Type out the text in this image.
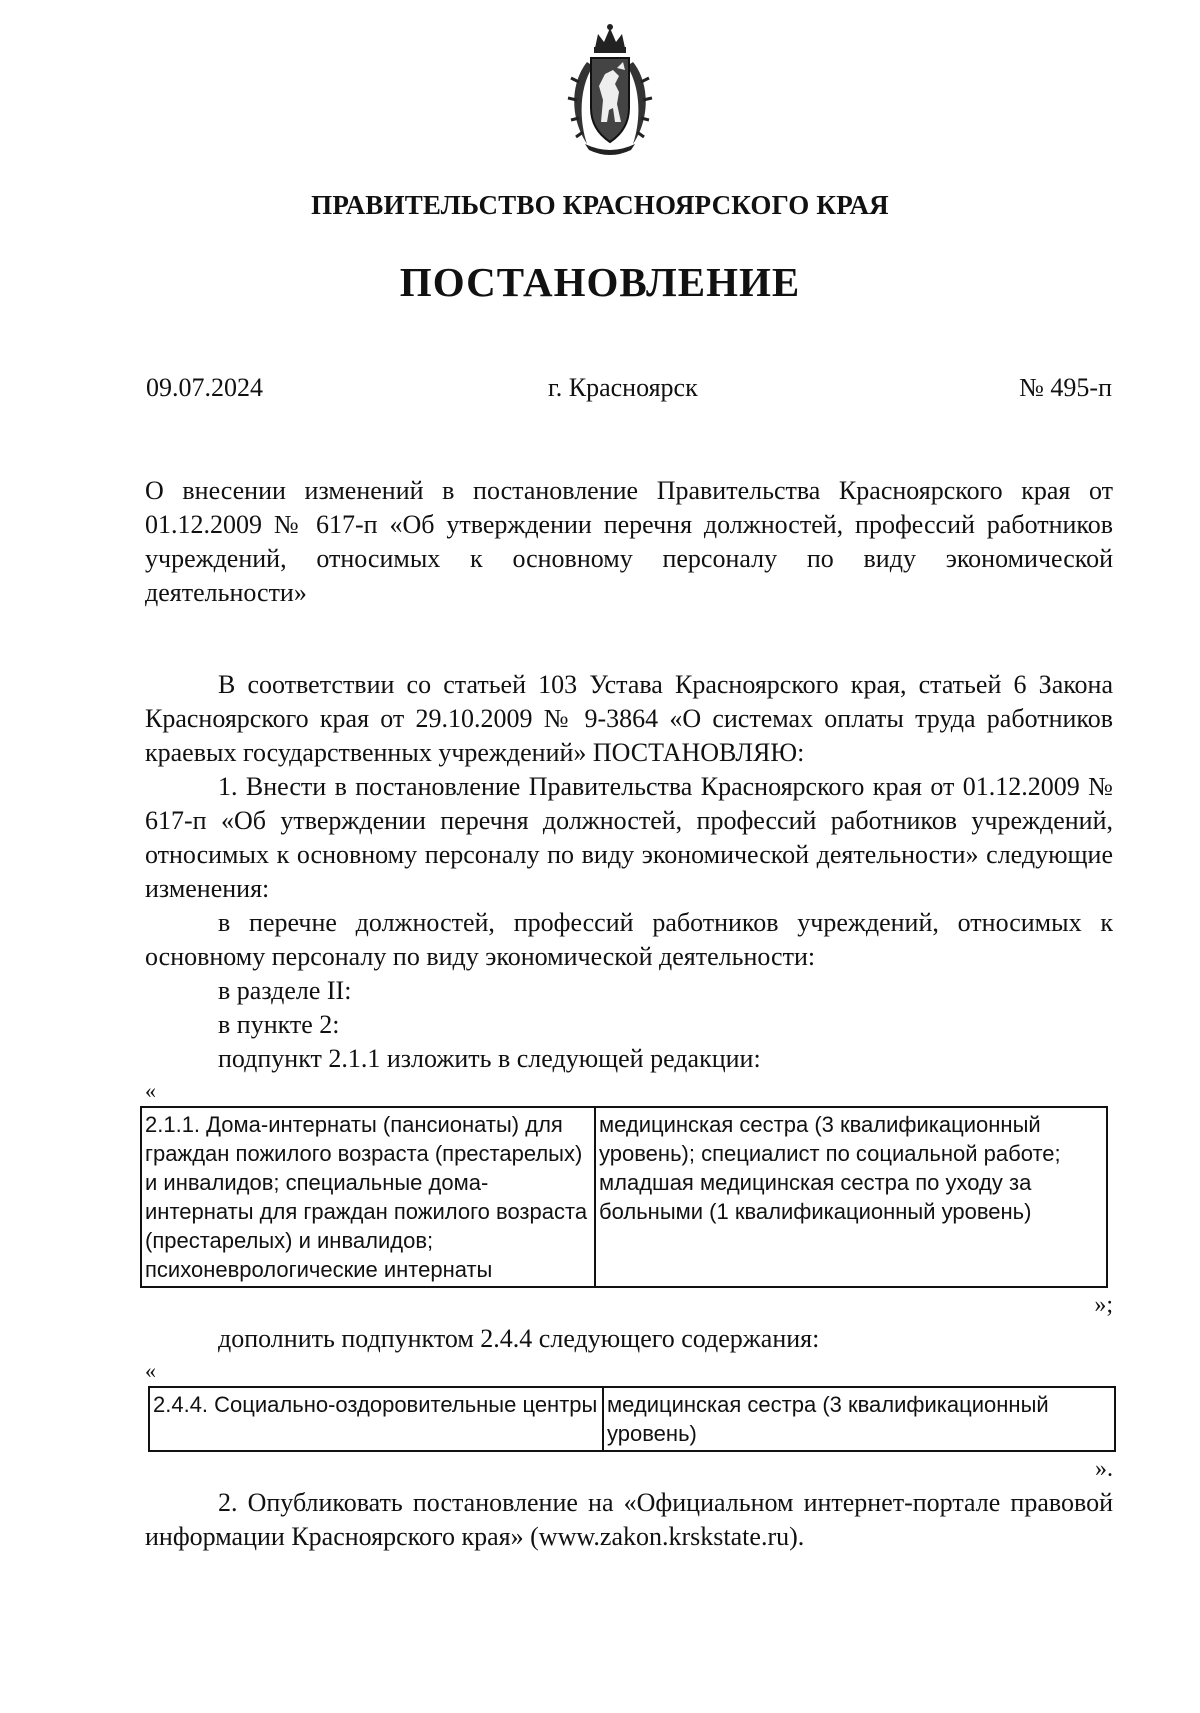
ПРАВИТЕЛЬСТВО КРАСНОЯРСКОГО КРАЯ
ПОСТАНОВЛЕНИЕ
09.07.2024	г. Красноярск	№ 495-п
О внесении изменений в постановление Правительства Красноярского края от 01.12.2009 № 617-п «Об утверждении перечня должностей, профессий работников учреждений, относимых к основному персоналу по виду экономической деятельности»

В соответствии со статьей 103 Устава Красноярского края, статьей 6 Закона Красноярского края от 29.10.2009 № 9-3864 «О системах оплаты труда работников краевых государственных учреждений» ПОСТАНОВЛЯЮ:

1. Внести в постановление Правительства Красноярского края от 01.12.2009 № 617-п «Об утверждении перечня должностей, профессий работников учреждений, относимых к основному персоналу по виду экономической деятельности» следующие изменения:

в перечне должностей, профессий работников учреждений, относимых к основному персоналу по виду экономической деятельности:

в разделе II:

в пункте 2:

подпункт 2.1.1 изложить в следующей редакции:

«

2.1.1. Дома-интернаты (пансионаты) для граждан пожилого возраста (престарелых) и инвалидов; специальные дома-интернаты для граждан пожилого возраста (престарелых) и инвалидов; психоневрологические интернаты	медицинская сестра (3 квалификационный уровень); специалист по социальной работе; младшая медицинская сестра по уходу за больными (1 квалификационный уровень)

»;

дополнить подпунктом 2.4.4 следующего содержания:

«

2.4.4. Социально-оздоровительные центры	медицинская сестра (3 квалификационный уровень)

».

2. Опубликовать постановление на «Официальном интернет-портале правовой информации Красноярского края» (www.zakon.krskstate.ru).
